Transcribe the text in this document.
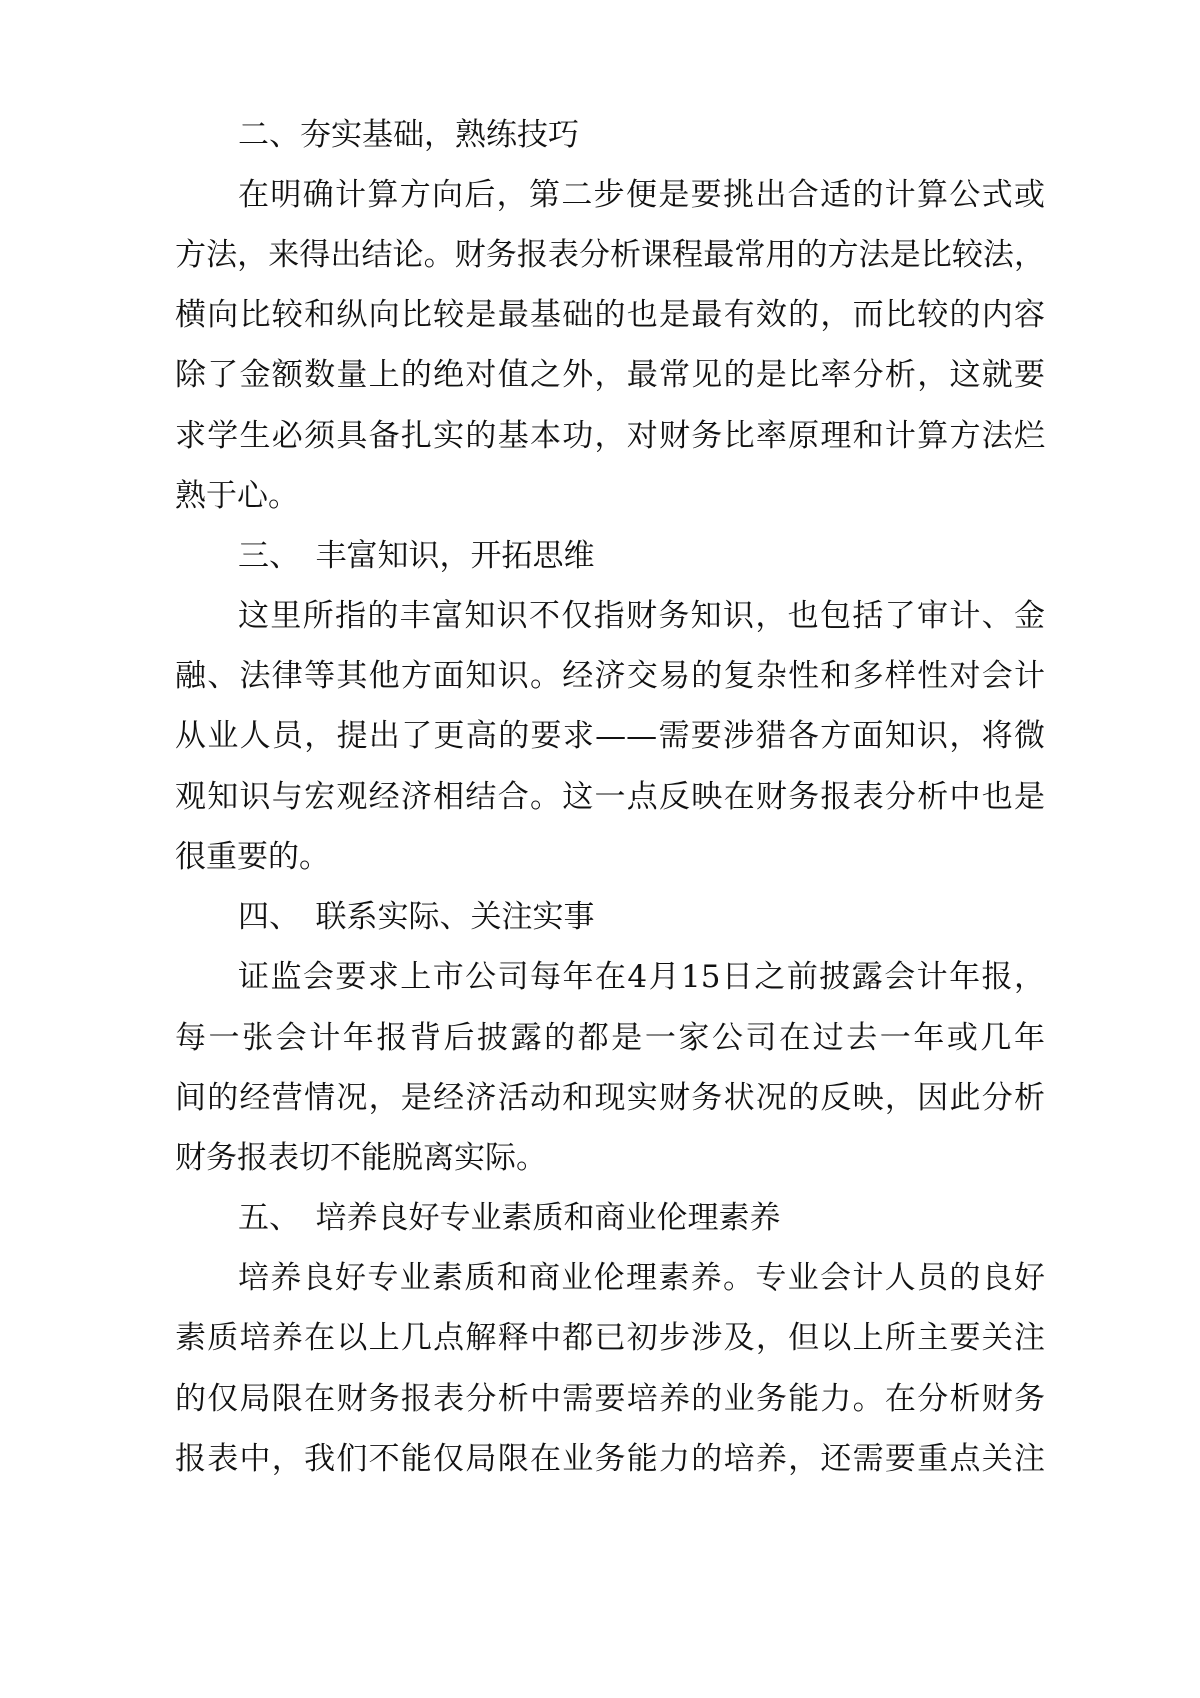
二、夯实基础，熟练技巧
在明确计算方向后，第二步便是要挑出合适的计算公式或
方法，来得出结论。财务报表分析课程最常用的方法是比较法，
横向比较和纵向比较是最基础的也是最有效的，而比较的内容
除了金额数量上的绝对值之外，最常见的是比率分析，这就要
求学生必须具备扎实的基本功，对财务比率原理和计算方法烂
熟于心。
三、　丰富知识，开拓思维
这里所指的丰富知识不仅指财务知识，也包括了审计、金
融、法律等其他方面知识。经济交易的复杂性和多样性对会计
从业人员，提出了更高的要求——需要涉猎各方面知识，将微
观知识与宏观经济相结合。这一点反映在财务报表分析中也是
很重要的。
四、　联系实际、关注实事
证监会要求上市公司每年在4月15日之前披露会计年报，
每一张会计年报背后披露的都是一家公司在过去一年或几年
间的经营情况，是经济活动和现实财务状况的反映，因此分析
财务报表切不能脱离实际。
五、　培养良好专业素质和商业伦理素养
培养良好专业素质和商业伦理素养。专业会计人员的良好
素质培养在以上几点解释中都已初步涉及，但以上所主要关注
的仅局限在财务报表分析中需要培养的业务能力。在分析财务
报表中，我们不能仅局限在业务能力的培养，还需要重点关注
